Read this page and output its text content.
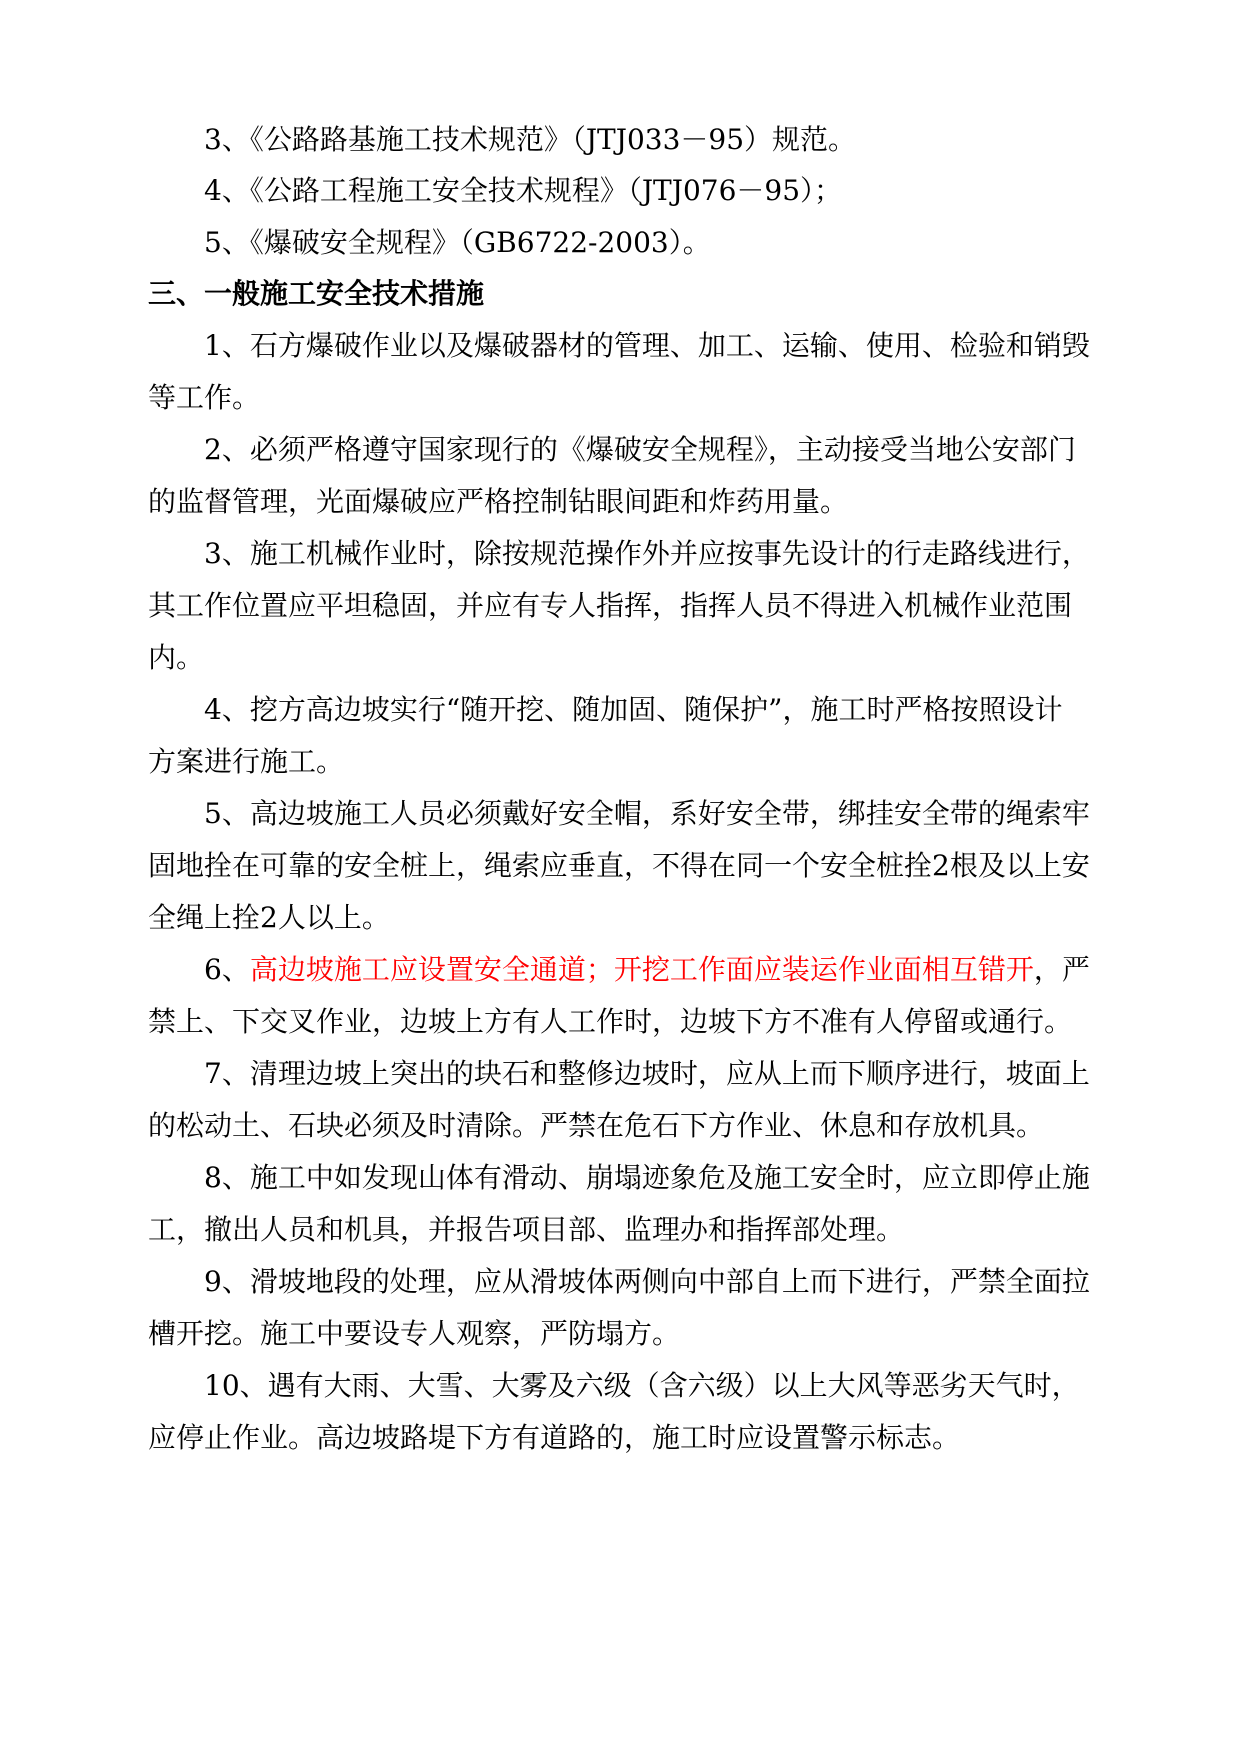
3、《公路路基施工技术规范》（JTJ033－95）规范。
4、《公路工程施工安全技术规程》（JTJ076－95）；
5、《爆破安全规程》（GB6722-2003）。
三、一般施工安全技术措施
1、石方爆破作业以及爆破器材的管理、加工、运输、使用、检验和销毁
等工作。
2、必须严格遵守国家现行的《爆破安全规程》，主动接受当地公安部门
的监督管理，光面爆破应严格控制钻眼间距和炸药用量。
3、施工机械作业时，除按规范操作外并应按事先设计的行走路线进行，
其工作位置应平坦稳固，并应有专人指挥，指挥人员不得进入机械作业范围
内。
4、挖方高边坡实行“随开挖、随加固、随保护”，施工时严格按照设计
方案进行施工。
5、高边坡施工人员必须戴好安全帽，系好安全带，绑挂安全带的绳索牢
固地拴在可靠的安全桩上，绳索应垂直，不得在同一个安全桩拴2根及以上安
全绳上拴2人以上。
6、高边坡施工应设置安全通道；开挖工作面应装运作业面相互错开，严
禁上、下交叉作业，边坡上方有人工作时，边坡下方不准有人停留或通行。
7、清理边坡上突出的块石和整修边坡时，应从上而下顺序进行，坡面上
的松动土、石块必须及时清除。严禁在危石下方作业、休息和存放机具。
8、施工中如发现山体有滑动、崩塌迹象危及施工安全时，应立即停止施
工，撤出人员和机具，并报告项目部、监理办和指挥部处理。
9、滑坡地段的处理，应从滑坡体两侧向中部自上而下进行，严禁全面拉
槽开挖。施工中要设专人观察，严防塌方。
10、遇有大雨、大雪、大雾及六级（含六级）以上大风等恶劣天气时，
应停止作业。高边坡路堤下方有道路的，施工时应设置警示标志。
